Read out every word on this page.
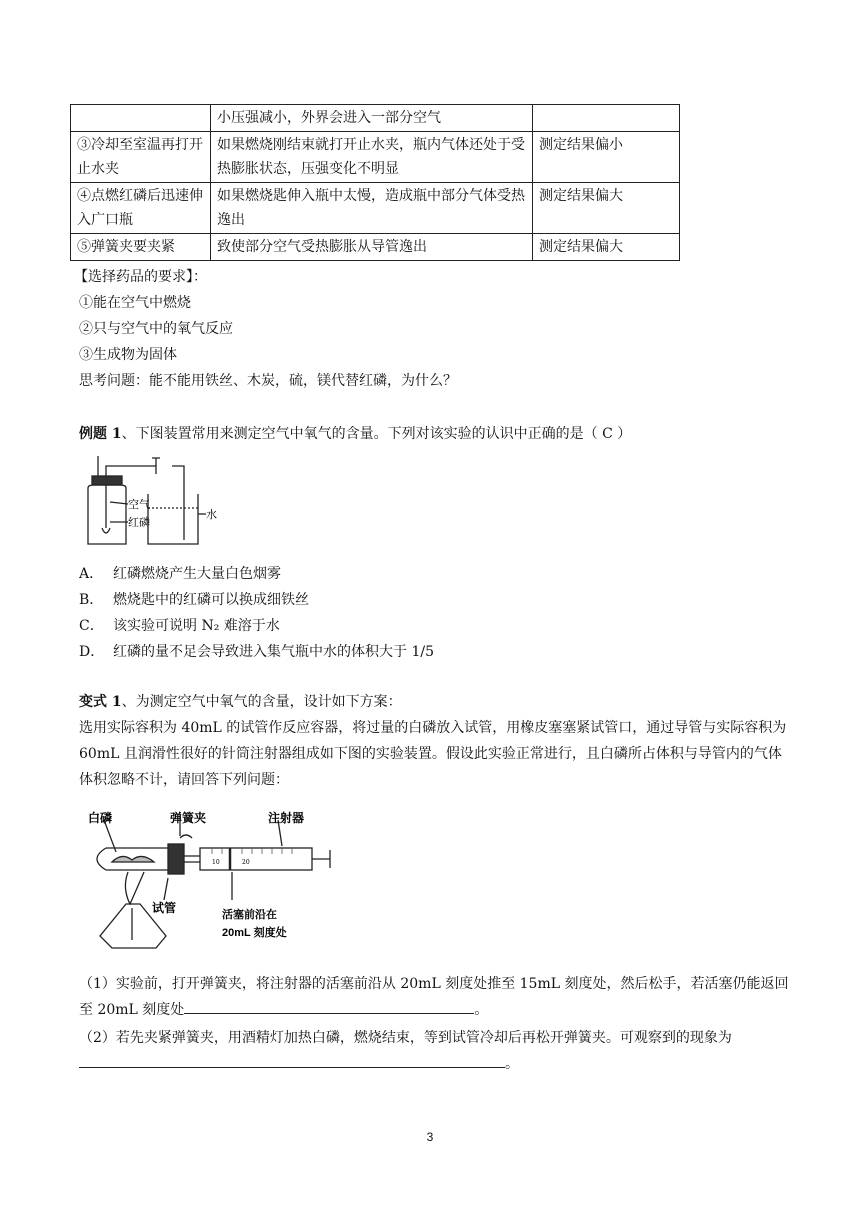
	小压强减小，外界会进入一部分空气	
③冷却至室温再打开止水夹	如果燃烧刚结束就打开止水夹，瓶内气体还处于受热膨胀状态，压强变化不明显	测定结果偏小
④点燃红磷后迅速伸入广口瓶	如果燃烧匙伸入瓶中太慢，造成瓶中部分气体受热逸出	测定结果偏大
⑤弹簧夹要夹紧	致使部分空气受热膨胀从导管逸出	测定结果偏大
【选择药品的要求】：
①能在空气中燃烧
②只与空气中的氧气反应
③生成物为固体
思考问题：能不能用铁丝、木炭，硫，镁代替红磷，为什么？
例题 1、下图装置常用来测定空气中氧气的含量。下列对该实验的认识中正确的是（ C ）
空气
红磷
水
A． 红磷燃烧产生大量白色烟雾
B． 燃烧匙中的红磷可以换成细铁丝
C． 该实验可说明 N₂ 难溶于水
D． 红磷的量不足会导致进入集气瓶中水的体积大于 1/5
变式 1、为测定空气中氧气的含量，设计如下方案：
选用实际容积为 40mL 的试管作反应容器，将过量的白磷放入试管，用橡皮塞塞紧试管口，通过导管与实际容积为 60mL 且润滑性很好的针筒注射器组成如下图的实验装置。假设此实验正常进行，且白磷所占体积与导管内的气体体积忽略不计，请回答下列问题：
10	20
白磷	弹簧夹	注射器
试管	活塞前沿在
20mL 刻度处
（1）实验前，打开弹簧夹，将注射器的活塞前沿从 20mL 刻度处推至 15mL 刻度处，然后松手，若活塞仍能返回至 20mL 刻度处	。
（2）若先夹紧弹簧夹，用酒精灯加热白磷，燃烧结束，等到试管冷却后再松开弹簧夹。可观察到的现象为
。
3
